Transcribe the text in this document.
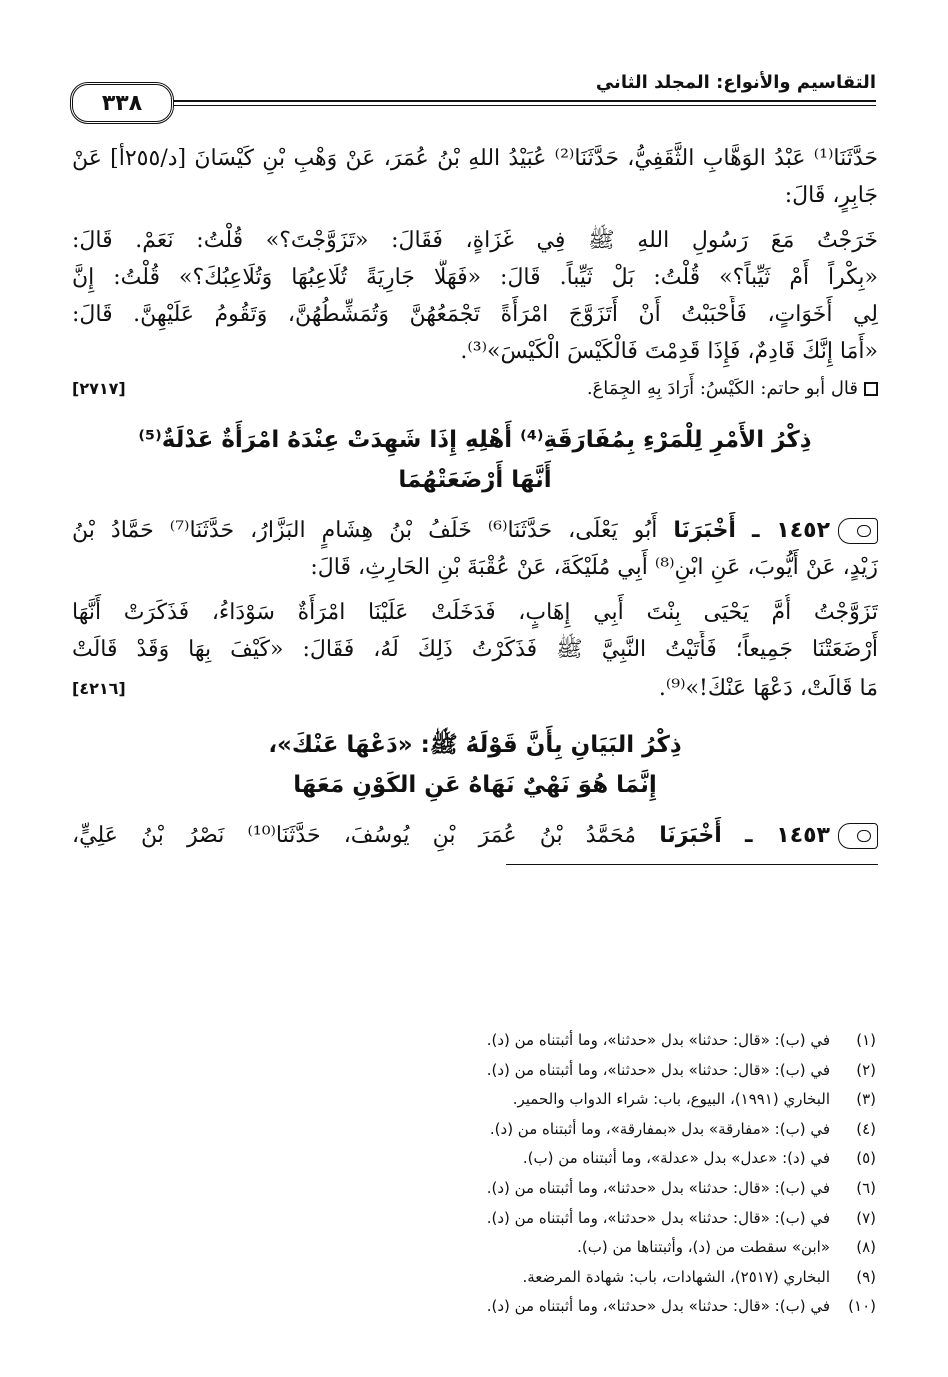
التقاسيم والأنواع: المجلد الثاني
٣٣٨

حَدَّثَنَا⁽¹⁾ عَبْدُ الوَهَّابِ الثَّقَفِيُّ، حَدَّثَنَا⁽²⁾ عُبَيْدُ اللهِ بْنُ عُمَرَ، عَنْ وَهْبِ بْنِ كَيْسَانَ [د/٢٥٥أ] عَنْ

جَابِرٍ، قَالَ:

خَرَجْتُ مَعَ رَسُولِ اللهِ ﷺ فِي غَزَاةٍ، فَقَالَ: «تَزَوَّجْتَ؟» قُلْتُ: نَعَمْ. قَالَ:

«بِكْراً أَمْ ثَيِّباً؟» قُلْتُ: بَلْ ثَيِّباً. قَالَ: «فَهَلَّا جَارِيَةً تُلَاعِبُهَا وَتُلَاعِبُكَ؟» قُلْتُ: إِنَّ

لِي أَخَوَاتٍ، فَأَحْبَبْتُ أَنْ أَتَزَوَّجَ امْرَأَةً تَجْمَعُهُنَّ وَتُمَشِّطُهُنَّ، وَتَقُومُ عَلَيْهِنَّ. قَالَ:

«أَمَا إِنَّكَ قَادِمٌ، فَإِذَا قَدِمْتَ فَالْكَيْسَ الْكَيْسَ»⁽³⁾.

قال أبو حاتم: الكَيْسُ: أَرَادَ بِهِ الجِمَاعَ.
[٢٧١٧]
ذِكْرُ الأَمْرِ لِلْمَرْءِ بِمُفَارَقَةِ⁽⁴⁾ أَهْلِهِ إِذَا شَهِدَتْ عِنْدَهُ امْرَأَةٌ عَدْلَةٌ⁽⁵⁾
أَنَّهَا أَرْضَعَتْهُمَا

١٤٥٢ ـ أَخْبَرَنَا أَبُو يَعْلَى، حَدَّثَنَا⁽⁶⁾ خَلَفُ بْنُ هِشَامٍ البَزَّارُ، حَدَّثَنَا⁽⁷⁾ حَمَّادُ بْنُ

زَيْدٍ، عَنْ أَيُّوبَ، عَنِ ابْنِ⁽⁸⁾ أَبِي مُلَيْكَةَ، عَنْ عُقْبَةَ بْنِ الحَارِثِ، قَالَ:

تَزَوَّجْتُ أُمَّ يَحْيَى بِنْتَ أَبِي إِهَابٍ، فَدَخَلَتْ عَلَيْنَا امْرَأَةٌ سَوْدَاءُ، فَذَكَرَتْ أَنَّهَا

أَرْضَعَتْنَا جَمِيعاً؛ فَأَتَيْتُ النَّبِيَّ ﷺ فَذَكَرْتُ ذَلِكَ لَهُ، فَقَالَ: «كَيْفَ بِهَا وَقَدْ قَالَتْ

مَا قَالَتْ، دَعْهَا عَنْكَ!»⁽⁹⁾.
[٤٢١٦]
ذِكْرُ البَيَانِ بِأَنَّ قَوْلَهُ ﷺ: «دَعْهَا عَنْكَ»،
إِنَّمَا هُوَ نَهْيٌ نَهَاهُ عَنِ الكَوْنِ مَعَهَا

١٤٥٣ ـ أَخْبَرَنَا مُحَمَّدُ بْنُ عُمَرَ بْنِ يُوسُفَ، حَدَّثَنَا⁽¹⁰⁾ نَصْرُ بْنُ عَلِيٍّ،

(١)في (ب): «قال: حدثنا» بدل «حدثنا»، وما أثبتناه من (د).
(٢)في (ب): «قال: حدثنا» بدل «حدثنا»، وما أثبتناه من (د).
(٣)البخاري (١٩٩١)، البيوع، باب: شراء الدواب والحمير.
(٤)في (ب): «مفارقة» بدل «بمفارقة»، وما أثبتناه من (د).
(٥)في (د): «عدل» بدل «عدلة»، وما أثبتناه من (ب).
(٦)في (ب): «قال: حدثنا» بدل «حدثنا»، وما أثبتناه من (د).
(٧)في (ب): «قال: حدثنا» بدل «حدثنا»، وما أثبتناه من (د).
(٨)«ابن» سقطت من (د)، وأثبتناها من (ب).
(٩)البخاري (٢٥١٧)، الشهادات، باب: شهادة المرضعة.
(١٠)في (ب): «قال: حدثنا» بدل «حدثنا»، وما أثبتناه من (د).
